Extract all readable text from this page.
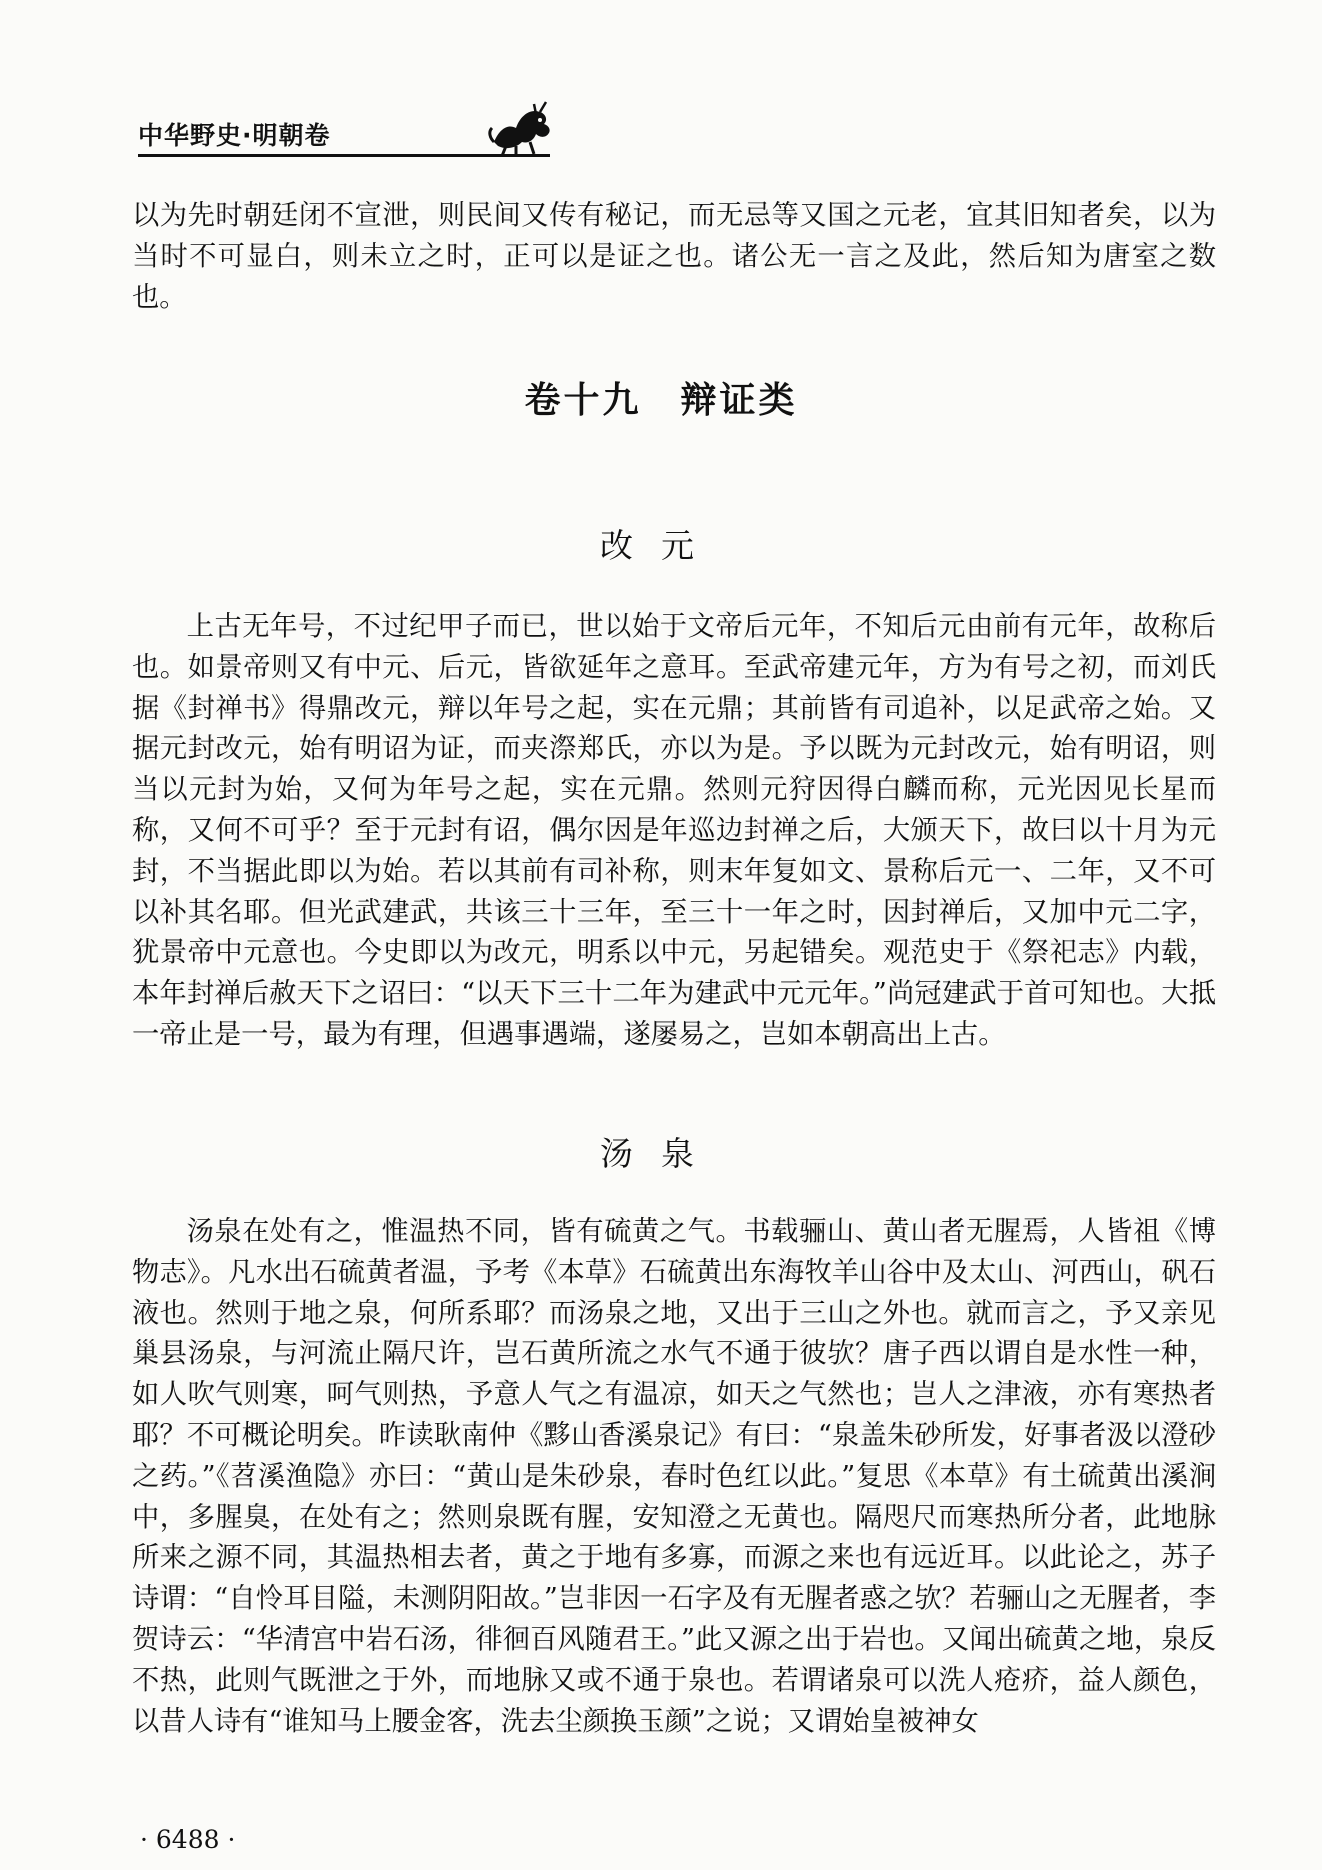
中华野史·明朝卷

以为先时朝廷闭不宣泄，则民间又传有秘记，而无忌等又国之元老，宜其旧知者矣，以为当时不可显白，则未立之时，正可以是证之也。诸公无一言之及此，然后知为唐室之数也。

卷十九　辩证类
改元

上古无年号，不过纪甲子而已，世以始于文帝后元年，不知后元由前有元年，故称后也。如景帝则又有中元、后元，皆欲延年之意耳。至武帝建元年，方为有号之初，而刘氏据《封禅书》得鼎改元，辩以年号之起，实在元鼎；其前皆有司追补，以足武帝之始。又据元封改元，始有明诏为证，而夹漈郑氏，亦以为是。予以既为元封改元，始有明诏，则当以元封为始，又何为年号之起，实在元鼎。然则元狩因得白麟而称，元光因见长星而称，又何不可乎？至于元封有诏，偶尔因是年巡边封禅之后，大颁天下，故曰以十月为元封，不当据此即以为始。若以其前有司补称，则末年复如文、景称后元一、二年，又不可以补其名耶。但光武建武，共该三十三年，至三十一年之时，因封禅后，又加中元二字，犹景帝中元意也。今史即以为改元，明系以中元，另起错矣。观范史于《祭祀志》内载，本年封禅后赦天下之诏曰：“以天下三十二年为建武中元元年。”尚冠建武于首可知也。大抵一帝止是一号，最为有理，但遇事遇端，遂屡易之，岂如本朝高出上古。

汤泉

汤泉在处有之，惟温热不同，皆有硫黄之气。书载骊山、黄山者无腥焉，人皆祖《博物志》。凡水出石硫黄者温，予考《本草》石硫黄出东海牧羊山谷中及太山、河西山，矾石液也。然则于地之泉，何所系耶？而汤泉之地，又出于三山之外也。就而言之，予又亲见巢县汤泉，与河流止隔尺许，岂石黄所流之水气不通于彼欤？唐子西以谓自是水性一种，如人吹气则寒，呵气则热，予意人气之有温凉，如天之气然也；岂人之津液，亦有寒热者耶？不可概论明矣。昨读耿南仲《黟山香溪泉记》有曰：“泉盖朱砂所发，好事者汲以澄砂之药。”《苕溪渔隐》亦曰：“黄山是朱砂泉，春时色红以此。”复思《本草》有土硫黄出溪涧中，多腥臭，在处有之；然则泉既有腥，安知澄之无黄也。隔咫尺而寒热所分者，此地脉所来之源不同，其温热相去者，黄之于地有多寡，而源之来也有远近耳。以此论之，苏子诗谓：“自怜耳目隘，未测阴阳故。”岂非因一石字及有无腥者惑之欤？若骊山之无腥者，李贺诗云：“华清宫中岩石汤，徘徊百风随君王。”此又源之出于岩也。又闻出硫黄之地，泉反不热，此则气既泄之于外，而地脉又或不通于泉也。若谓诸泉可以洗人疮疥，益人颜色，以昔人诗有“谁知马上腰金客，洗去尘颜换玉颜”之说；又谓始皇被神女

· 6488 ·
